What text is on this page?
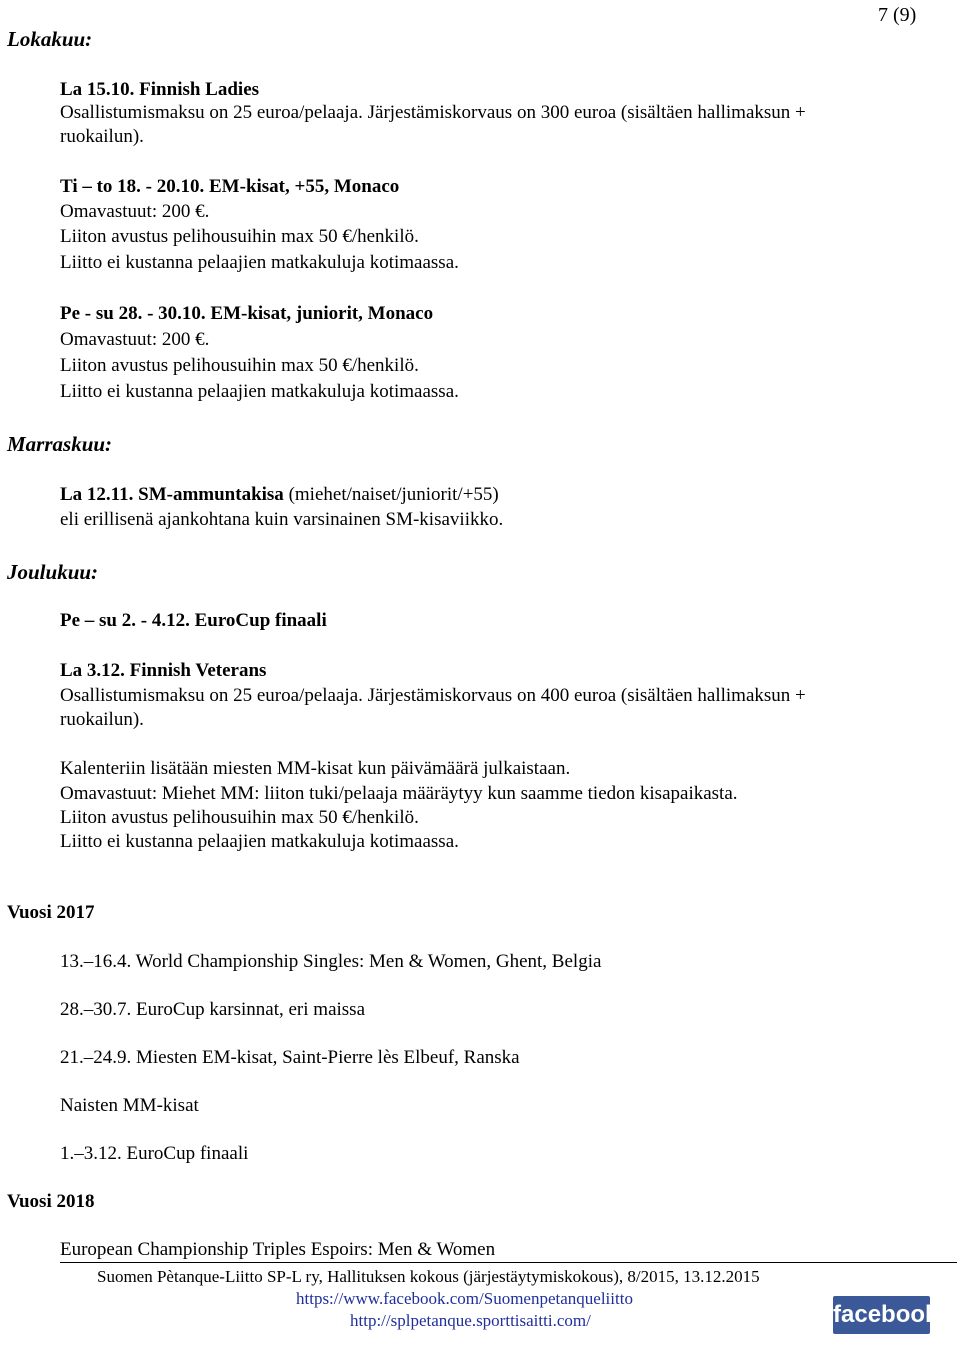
7 (9)
Lokakuu:
La 15.10. Finnish Ladies
Osallistumismaksu on 25 euroa/pelaaja. Järjestämiskorvaus on 300 euroa (sisältäen hallimaksun +
ruokailun).
Ti – to 18. - 20.10. EM-kisat, +55, Monaco
Omavastuut: 200 €.
Liiton avustus pelihousuihin max 50 €/henkilö.
Liitto ei kustanna pelaajien matkakuluja kotimaassa.
Pe - su 28. - 30.10. EM-kisat, juniorit, Monaco
Omavastuut: 200 €.
Liiton avustus pelihousuihin max 50 €/henkilö.
Liitto ei kustanna pelaajien matkakuluja kotimaassa.
Marraskuu:
La 12.11. SM-ammuntakisa (miehet/naiset/juniorit/+55)
eli erillisenä ajankohtana kuin varsinainen SM-kisaviikko.
Joulukuu:
Pe – su 2. - 4.12. EuroCup finaali
La 3.12. Finnish Veterans
Osallistumismaksu on 25 euroa/pelaaja. Järjestämiskorvaus on 400 euroa (sisältäen hallimaksun +
ruokailun).
Kalenteriin lisätään miesten MM-kisat kun päivämäärä julkaistaan.
Omavastuut: Miehet MM: liiton tuki/pelaaja määräytyy kun saamme tiedon kisapaikasta.
Liiton avustus pelihousuihin max 50 €/henkilö.
Liitto ei kustanna pelaajien matkakuluja kotimaassa.
Vuosi 2017
13.–16.4. World Championship Singles: Men & Women, Ghent, Belgia
28.–30.7. EuroCup karsinnat, eri maissa
21.–24.9. Miesten EM-kisat, Saint-Pierre lès Elbeuf, Ranska
Naisten MM-kisat
1.–3.12. EuroCup finaali
Vuosi 2018
European Championship Triples Espoirs: Men & Women
Suomen Pètanque-Liitto SP-L ry, Hallituksen kokous (järjestäytymiskokous), 8/2015, 13.12.2015
https://www.facebook.com/Suomenpetanqueliitto
http://splpetanque.sporttisaitti.com/	facebook
